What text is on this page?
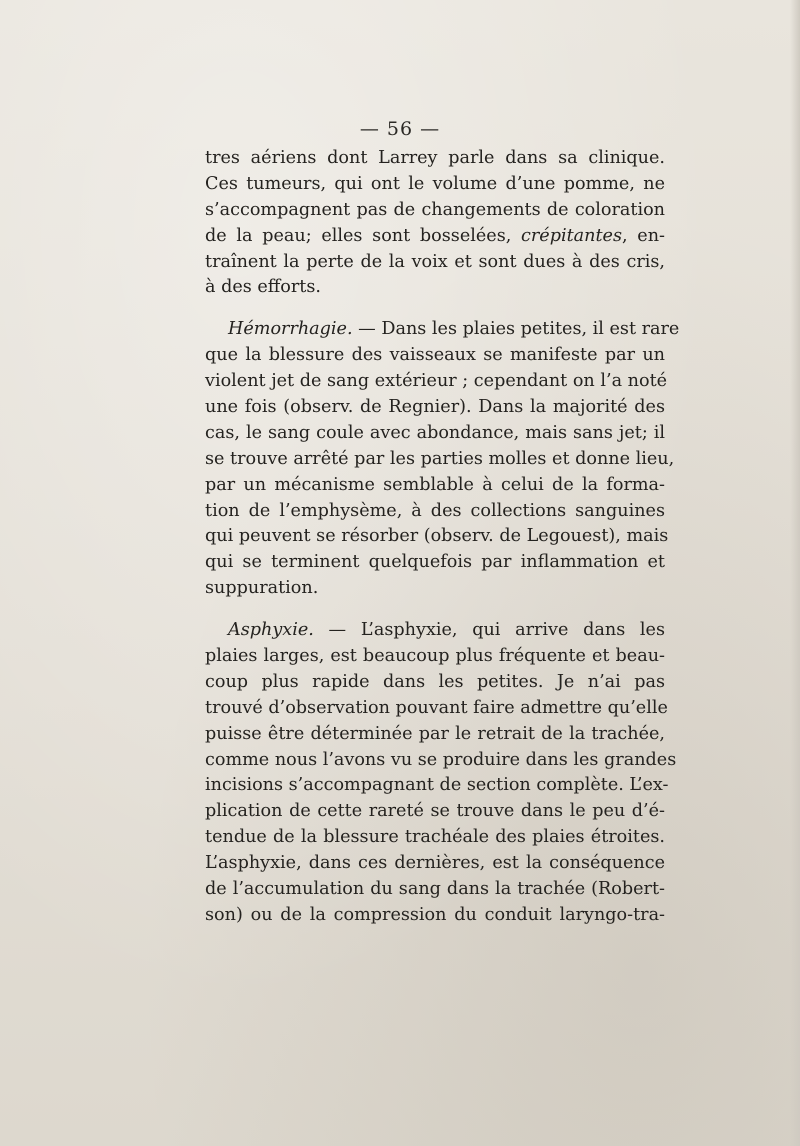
— 56 —
tres aériens dont Larrey parle dans sa clinique.
Ces tumeurs, qui ont le volume d’une pomme, ne
s’accompagnent pas de changements de coloration
de la peau; elles sont bosselées, crépitantes, en-
traînent la perte de la voix et sont dues à des cris,
à des efforts.
Hémorrhagie. — Dans les plaies petites, il est rare
que la blessure des vaisseaux se manifeste par un
violent jet de sang extérieur ; cependant on l’a noté
une fois (observ. de Regnier). Dans la majorité des
cas, le sang coule avec abondance, mais sans jet; il
se trouve arrêté par les parties molles et donne lieu,
par un mécanisme semblable à celui de la forma-
tion de l’emphysème, à des collections sanguines
qui peuvent se résorber (observ. de Legouest), mais
qui se terminent quelquefois par inflammation et
suppuration.
Asphyxie. — L’asphyxie, qui arrive dans les
plaies larges, est beaucoup plus fréquente et beau-
coup plus rapide dans les petites. Je n’ai pas
trouvé d’observation pouvant faire admettre qu’elle
puisse être déterminée par le retrait de la trachée,
comme nous l’avons vu se produire dans les grandes
incisions s’accompagnant de section complète. L’ex-
plication de cette rareté se trouve dans le peu d’é-
tendue de la blessure trachéale des plaies étroites.
L’asphyxie, dans ces dernières, est la conséquence
de l’accumulation du sang dans la trachée (Robert-
son) ou de la compression du conduit laryngo-tra-
